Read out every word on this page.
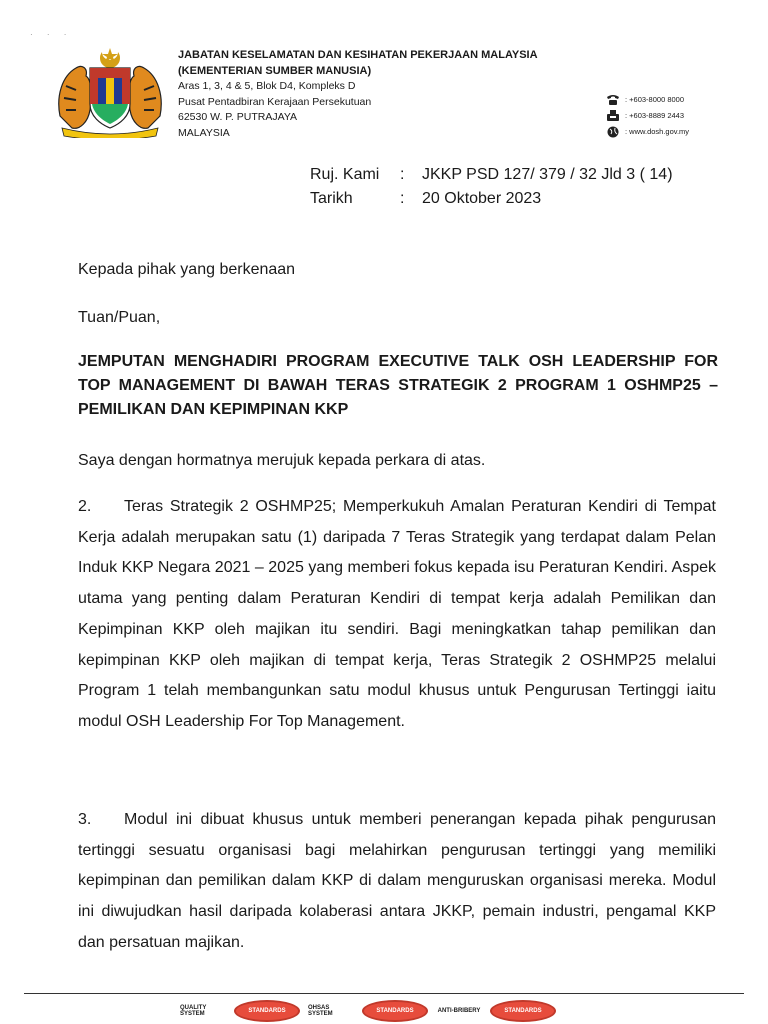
· · ·
JABATAN KESELAMATAN DAN KESIHATAN PEKERJAAN MALAYSIA
(KEMENTERIAN SUMBER MANUSIA)
Aras 1, 3, 4 & 5, Blok D4, Kompleks D
Pusat Pentadbiran Kerajaan Persekutuan
62530 W. P. PUTRAJAYA
MALAYSIA
: +603-8000 8000
: +603-8889 2443
: www.dosh.gov.my
Ruj. Kami	:	JKKP PSD 127/ 379 / 32 Jld 3 ( 14)
Tarikh	:	20 Oktober 2023
Kepada pihak yang berkenaan
Tuan/Puan,
JEMPUTAN MENGHADIRI PROGRAM EXECUTIVE TALK OSH LEADERSHIP FOR TOP MANAGEMENT DI BAWAH TERAS STRATEGIK 2 PROGRAM 1 OSHMP25 – PEMILIKAN DAN KEPIMPINAN KKP
Saya dengan hormatnya merujuk kepada perkara di atas.
2. Teras Strategik 2 OSHMP25; Memperkukuh Amalan Peraturan Kendiri di Tempat Kerja adalah merupakan satu (1) daripada 7 Teras Strategik yang terdapat dalam Pelan Induk KKP Negara 2021 – 2025 yang memberi fokus kepada isu Peraturan Kendiri. Aspek utama yang penting dalam Peraturan Kendiri di tempat kerja adalah Pemilikan dan Kepimpinan KKP oleh majikan itu sendiri. Bagi meningkatkan tahap pemilikan dan kepimpinan KKP oleh majikan di tempat kerja, Teras Strategik 2 OSHMP25 melalui Program 1 telah membangunkan satu modul khusus untuk Pengurusan Tertinggi iaitu modul OSH Leadership For Top Management.
3. Modul ini dibuat khusus untuk memberi penerangan kepada pihak pengurusan tertinggi sesuatu organisasi bagi melahirkan pengurusan tertinggi yang memiliki kepimpinan dan pemilikan dalam KKP di dalam menguruskan organisasi mereka. Modul ini diwujudkan hasil daripada kolaberasi antara JKKP, pemain industri, pengamal KKP dan persatuan majikan.
QUALITY SYSTEM	STANDARDS	OHSAS SYSTEM	STANDARDS	ANTI-BRIBERY	STANDARDS
